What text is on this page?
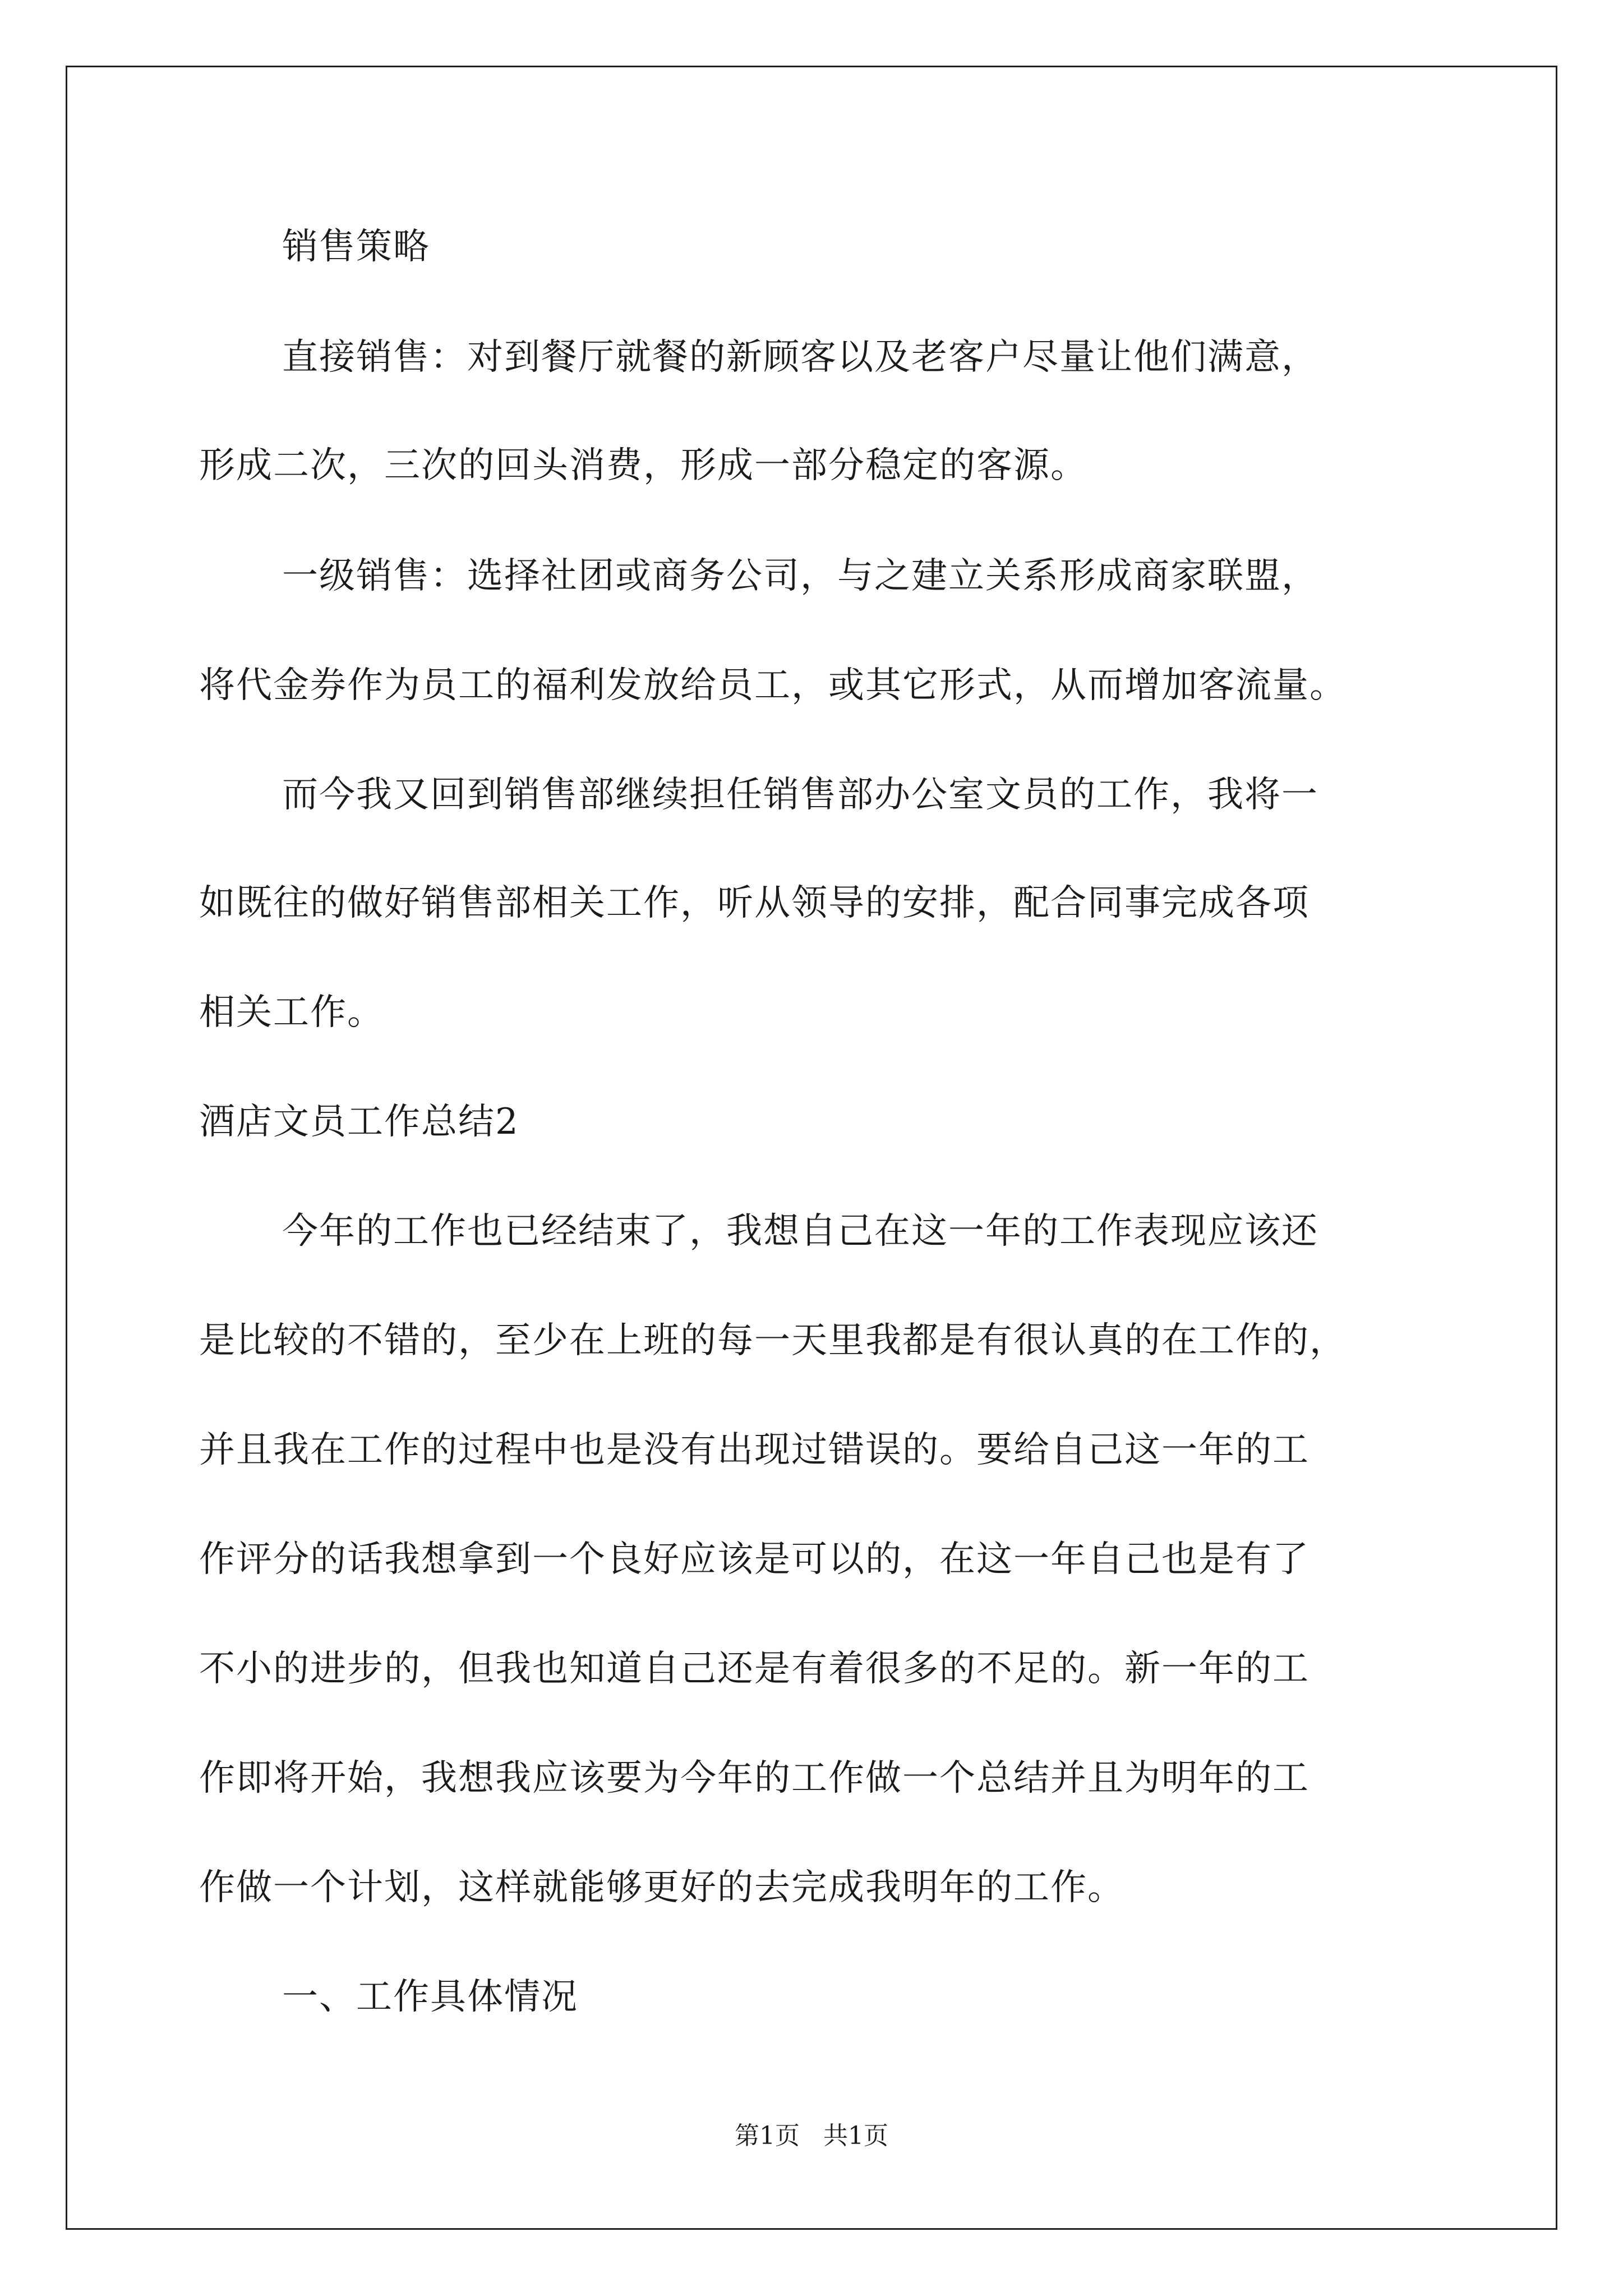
销售策略
直接销售：对到餐厅就餐的新顾客以及老客户尽量让他们满意，
形成二次，三次的回头消费，形成一部分稳定的客源。
一级销售：选择社团或商务公司，与之建立关系形成商家联盟，
将代金券作为员工的福利发放给员工，或其它形式，从而增加客流量。
而今我又回到销售部继续担任销售部办公室文员的工作，我将一
如既往的做好销售部相关工作，听从领导的安排，配合同事完成各项
相关工作。
酒店文员工作总结2
今年的工作也已经结束了，我想自己在这一年的工作表现应该还
是比较的不错的，至少在上班的每一天里我都是有很认真的在工作的，
并且我在工作的过程中也是没有出现过错误的。要给自己这一年的工
作评分的话我想拿到一个良好应该是可以的，在这一年自己也是有了
不小的进步的，但我也知道自己还是有着很多的不足的。新一年的工
作即将开始，我想我应该要为今年的工作做一个总结并且为明年的工
作做一个计划，这样就能够更好的去完成我明年的工作。
一、工作具体情况
第1页   共1页
